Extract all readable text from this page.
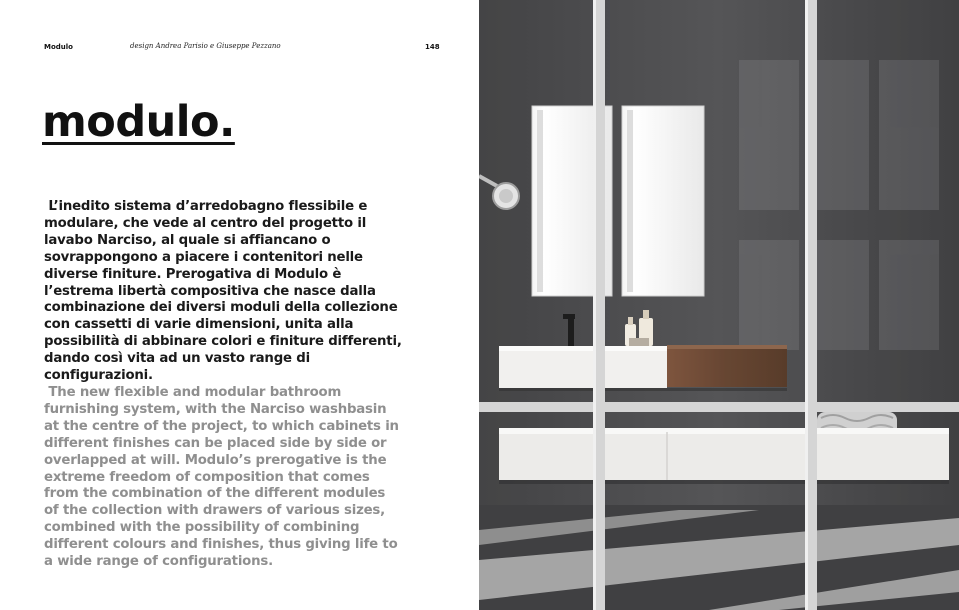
Modulo	design Andrea Parisio e Giuseppe Pezzano	148
modulo.

L’inedito sistema d’arredobagno flessibile e modulare, che vede al centro del progetto il lavabo Narciso, al quale si affiancano o sovrappongono a piacere i contenitori nelle diverse finiture. Prerogativa di Modulo è l’estrema libertà compositiva che nasce dalla combinazione dei diversi moduli della collezione con cassetti di varie dimensioni, unita alla possibilità di abbinare colori e finiture differenti, dando così vita ad un vasto range di configurazioni.

The new flexible and modular bathroom furnishing system, with the Narciso washbasin at the centre of the project, to which cabinets in different finishes can be placed side by side or overlapped at will. Modulo’s prerogative is the extreme freedom of composition that comes from the combination of the different modules of the collection with drawers of various sizes, combined with the possibility of combining different colours and finishes, thus giving life to a wide range of configurations.
